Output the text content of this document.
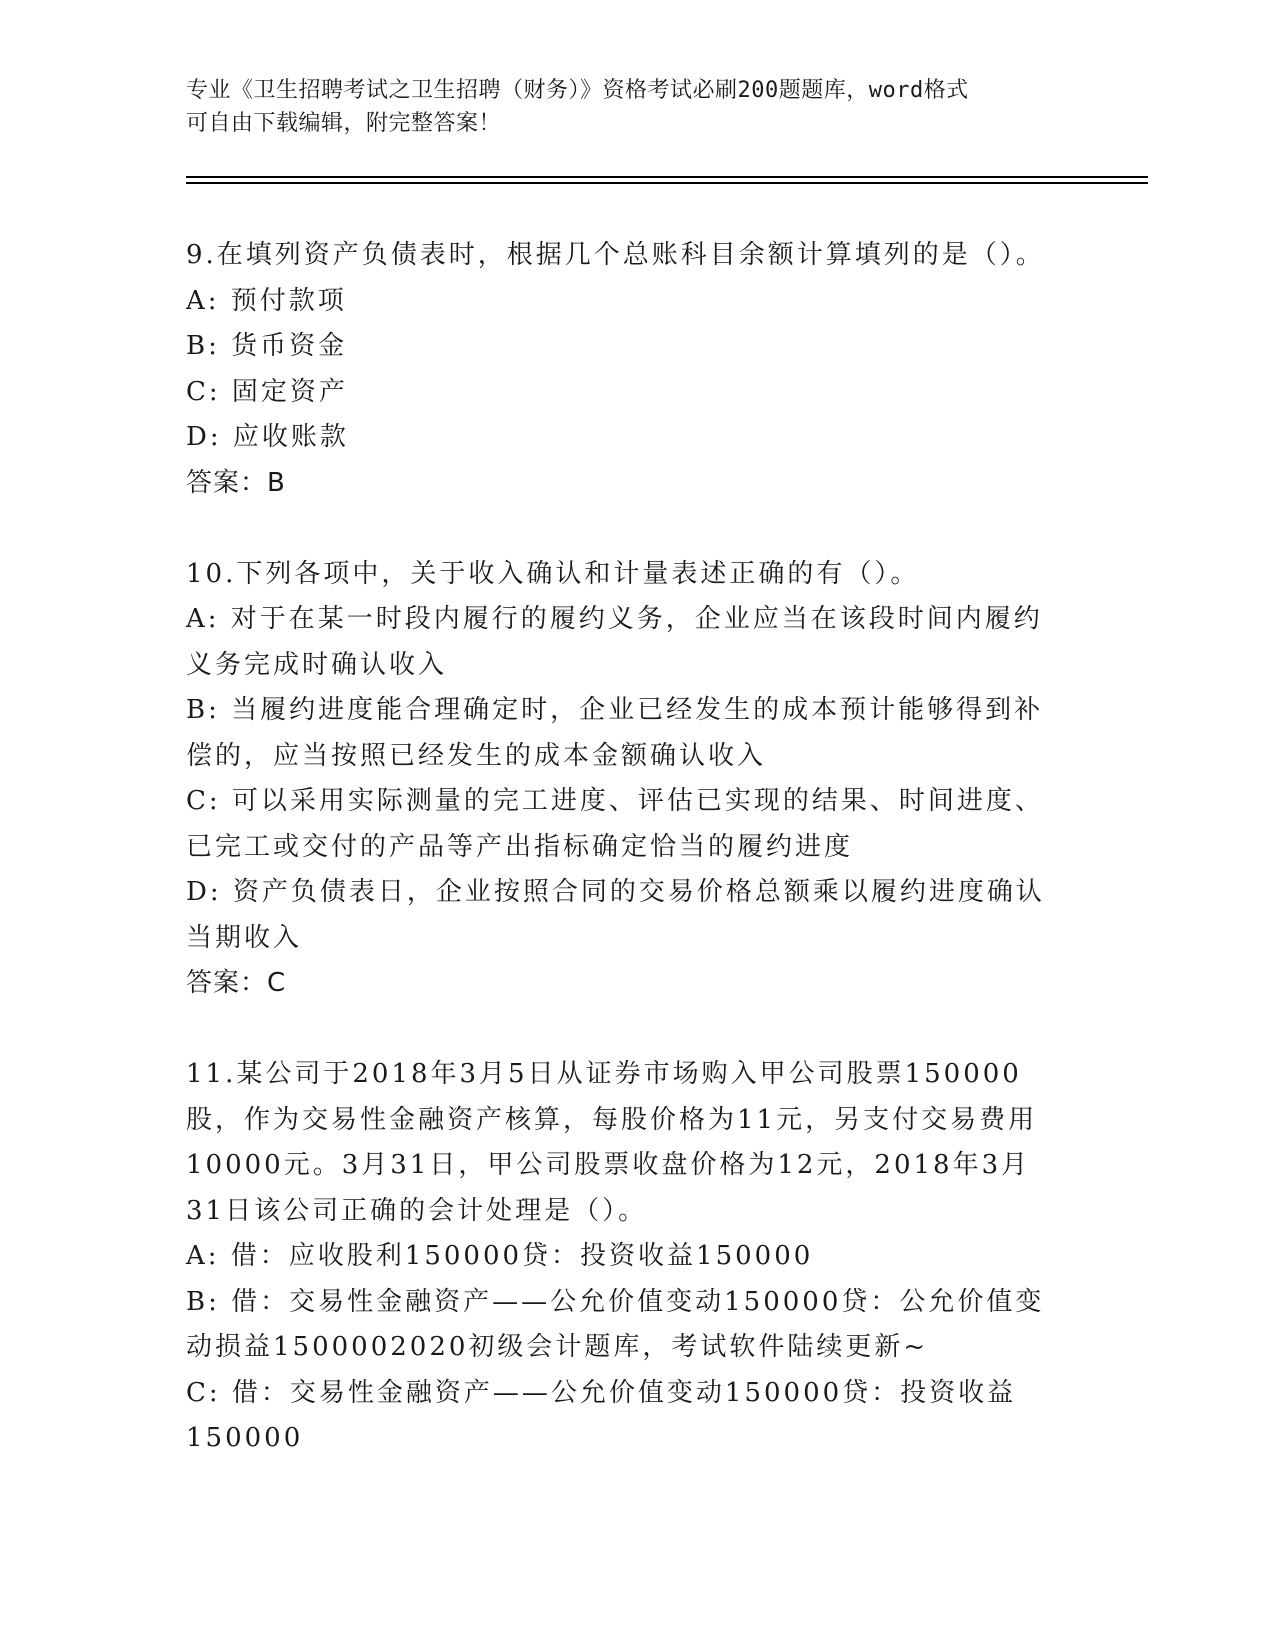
专业《卫生招聘考试之卫生招聘（财务）》资格考试必刷200题题库，word格式
可自由下载编辑，附完整答案！
9.在填列资产负债表时，根据几个总账科目余额计算填列的是（）。
A: 预付款项
B: 货币资金
C: 固定资产
D: 应收账款
答案：B
10.下列各项中，关于收入确认和计量表述正确的有（）。
A: 对于在某一时段内履行的履约义务，企业应当在该段时间内履约义务完成时确认收入
B: 当履约进度能合理确定时，企业已经发生的成本预计能够得到补偿的，应当按照已经发生的成本金额确认收入
C: 可以采用实际测量的完工进度、评估已实现的结果、时间进度、已完工或交付的产品等产出指标确定恰当的履约进度
D: 资产负债表日，企业按照合同的交易价格总额乘以履约进度确认当期收入
答案：C
11.某公司于2018年3月5日从证券市场购入甲公司股票150000股，作为交易性金融资产核算，每股价格为11元，另支付交易费用10000元。3月31日，甲公司股票收盘价格为12元，2018年3月31日该公司正确的会计处理是（）。
A: 借：应收股利150000贷：投资收益150000
B: 借：交易性金融资产——公允价值变动150000贷：公允价值变动损益1500002020初级会计题库，考试软件陆续更新~
C: 借：交易性金融资产——公允价值变动150000贷：投资收益150000
